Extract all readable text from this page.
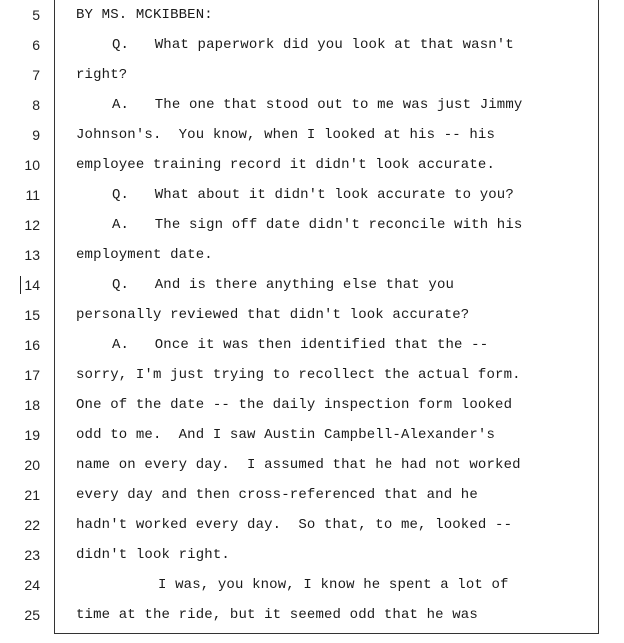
5	BY MS. MCKIBBEN:
6	Q.   What paperwork did you look at that wasn't
7	right?
8	A.   The one that stood out to me was just Jimmy
9	Johnson's.  You know, when I looked at his -- his
10	employee training record it didn't look accurate.
11	Q.   What about it didn't look accurate to you?
12	A.   The sign off date didn't reconcile with his
13	employment date.
14	Q.   And is there anything else that you
15	personally reviewed that didn't look accurate?
16	A.   Once it was then identified that the --
17	sorry, I'm just trying to recollect the actual form.
18	One of the date -- the daily inspection form looked
19	odd to me.  And I saw Austin Campbell-Alexander's
20	name on every day.  I assumed that he had not worked
21	every day and then cross-referenced that and he
22	hadn't worked every day.  So that, to me, looked --
23	didn't look right.
24	I was, you know, I know he spent a lot of
25	time at the ride, but it seemed odd that he was
